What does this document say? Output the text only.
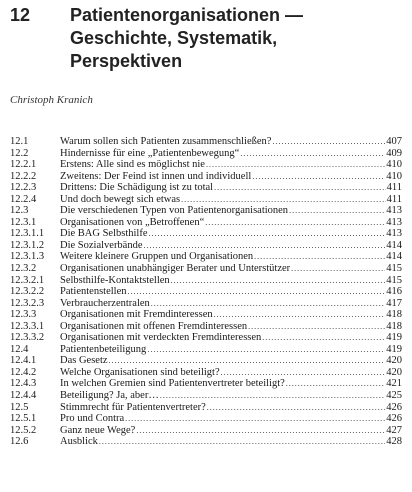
12 Patientenorganisationen —
Geschichte, Systematik,
Perspektiven
Christoph Kranich
12.1	Warum sollen sich Patienten zusammenschließen? .....	407
12.2	Hindernisse für eine „Patientenbewegung“ .....	409
12.2.1 Erstens: Alle sind es möglichst nie .....	410
12.2.2 Zweitens: Der Feind ist innen und individuell .....	410
12.2.3 Drittens: Die Schädigung ist zu total .....	411
12.2.4 Und doch bewegt sich etwas .....	411
12.3	Die verschiedenen Typen von Patientenorganisationen .....	413
12.3.1 Organisationen von „Betroffenen“ .....	413
12.3.1.1 Die BAG Selbsthilfe .....	413
12.3.1.2 Die Sozialverbände .....	414
12.3.1.3 Weitere kleinere Gruppen und Organisationen .....	414
12.3.2 Organisationen unabhängiger Berater und Unterstützer .....	415
12.3.2.1 Selbsthilfe-Kontaktstellen .....	415
12.3.2.2 Patientenstellen .....	416
12.3.2.3 Verbraucherzentralen .....	417
12.3.3 Organisationen mit Fremdinteressen .....	418
12.3.3.1 Organisationen mit offenen Fremdinteressen .....	418
12.3.3.2 Organisationen mit verdeckten Fremdinteressen .....	419
12.4	Patientenbeteiligung .....	419
12.4.1 Das Gesetz .....	420
12.4.2 Welche Organisationen sind beteiligt? .....	420
12.4.3 In welchen Gremien sind Patientenvertreter beteiligt? .....	421
12.4.4 Beteiligung? Ja, aber… .....	425
12.5	Stimmrecht für Patientenvertreter? .....	426
12.5.1 Pro und Contra .....	426
12.5.2 Ganz neue Wege? .....	427
12.6	Ausblick .....	428
